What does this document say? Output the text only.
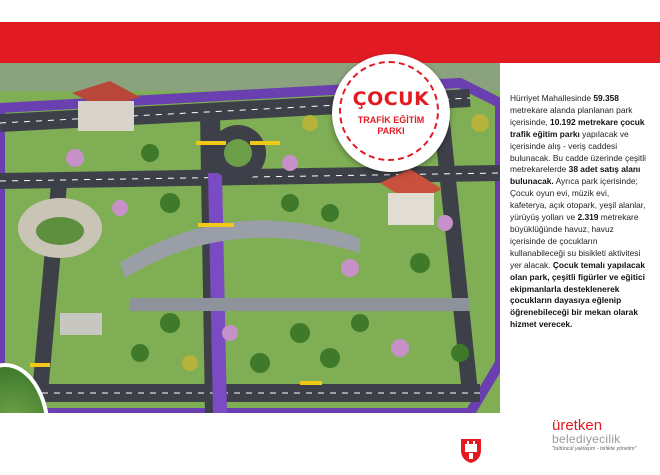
ÇOCUK
TRAFİK EĞİTİM
PARKI
Hürriyet Mahallesinde 59.358 metrekare alanda planlanan park içerisinde, 10.192 metrekare çocuk trafik eğitim parkı yapılacak ve içerisinde alış - veriş caddesi bulunacak. Bu cadde üzerinde çeşitli metrekarelerde 38 adet satış alanı bulunacak. Ayrıca park içerisinde; Çocuk oyun evi, müzik evi, kafeterya, açık otopark, yeşil alanlar, yürüyüş yolları ve 2.319 metrekare büyüklüğünde havuz, havuz içerisinde de çocukların kullanabileceği su bisikleti aktivitesi yer alacak. Çocuk temalı yapılacak olan park, çeşitli figürler ve eğitici ekipmanlarla desteklenerek çocukların dayasıya eğlenip öğrenebileceği bir mekan olarak hizmet verecek.
üretken
belediyecilik
"bütüncül yaklaşım - birlikte yönetim"
